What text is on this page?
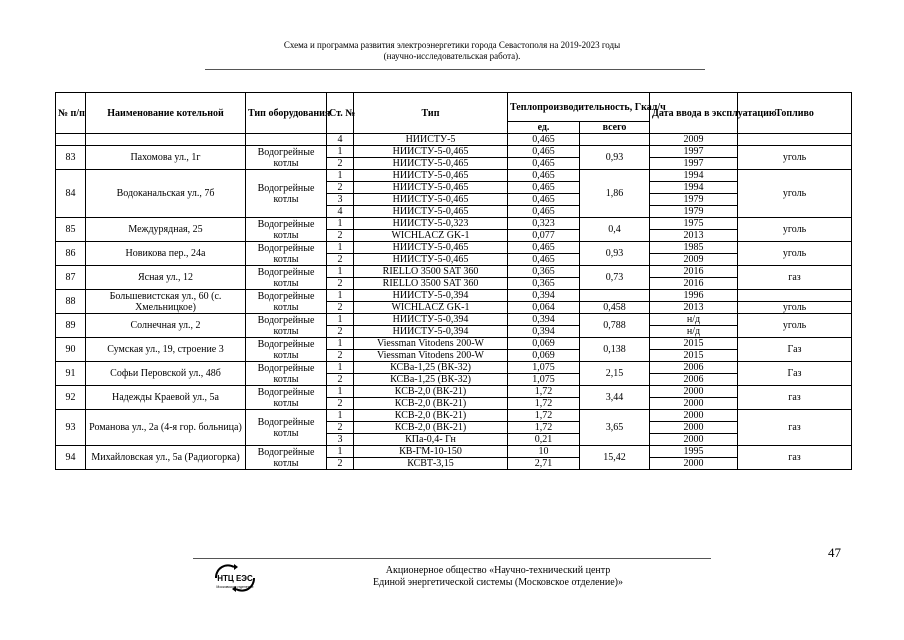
Схема и программа развития электроэнергетики города Севастополя на 2019-2023 годы
(научно-исследовательская работа).
№ п/п	Наименование котельной	Тип оборудования	Ст. №	Тип	Теплопроизводительность, Гкал/ч		Дата ввода в эксплуатацию	Топливо
					ед.	всего		
			4	НИИСТУ-5	0,465		2009	
83	Пахомова ул., 1г	Водогрейные котлы	1	НИИСТУ-5-0,465	0,465	0,93	1997	уголь
			2	НИИСТУ-5-0,465	0,465		1997	
84	Водоканальская ул., 7б	Водогрейные котлы	1	НИИСТУ-5-0,465	0,465	1,86	1994	уголь
			2	НИИСТУ-5-0,465	0,465		1994	
			3	НИИСТУ-5-0,465	0,465		1979	
			4	НИИСТУ-5-0,465	0,465		1979	
85	Междурядная, 25	Водогрейные котлы	1	НИИСТУ-5-0,323	0,323	0,4	1975	уголь
			2	WICHLACZ GK-1	0,077		2013	
86	Новикова пер., 24а	Водогрейные котлы	1	НИИСТУ-5-0,465	0,465	0,93	1985	уголь
			2	НИИСТУ-5-0,465	0,465		2009	
87	Ясная ул., 12	Водогрейные котлы	1	RIELLO 3500 SAT 360	0,365	0,73	2016	газ
			2	RIELLO 3500 SAT 360	0,365		2016	
88	Большевистская ул., 60 (с. Хмельницкое)	Водогрейные котлы	1	НИИСТУ-5-0,394	0,394		1996	
			2	WICHLACZ GK-1	0,064	0,458	2013	уголь
89	Солнечная ул., 2	Водогрейные котлы	1	НИИСТУ-5-0,394	0,394	0,788	н/д	уголь
			2	НИИСТУ-5-0,394	0,394		н/д	
90	Сумская ул., 19, строение 3	Водогрейные котлы	1	Viessman Vitodens 200-W	0,069	0,138	2015	Газ
			2	Viessman Vitodens 200-W	0,069		2015	
91	Софьи Перовской ул., 48б	Водогрейные котлы	1	КСВа-1,25 (ВК-32)	1,075	2,15	2006	Газ
			2	КСВа-1,25 (ВК-32)	1,075		2006	
92	Надежды Краевой ул., 5а	Водогрейные котлы	1	КСВ-2,0 (ВК-21)	1,72	3,44	2000	газ
			2	КСВ-2,0 (ВК-21)	1,72		2000	
93	Романова ул., 2а (4-я гор. больница)	Водогрейные котлы	1	КСВ-2,0 (ВК-21)	1,72	3,65	2000	газ
			2	КСВ-2,0 (ВК-21)	1,72		2000	
			3	КПа-0,4- Гн	0,21		2000	
94	Михайловская ул., 5а (Радиогорка)	Водогрейные котлы	1	КВ-ГМ-10-150	10	15,42	1995	газ
			2	КСВТ-3,15	2,71		2000	
47
НТЦ ЕЭС
Московское отделение
Акционерное общество «Научно-технический центр
Единой энергетической системы (Московское отделение)»
